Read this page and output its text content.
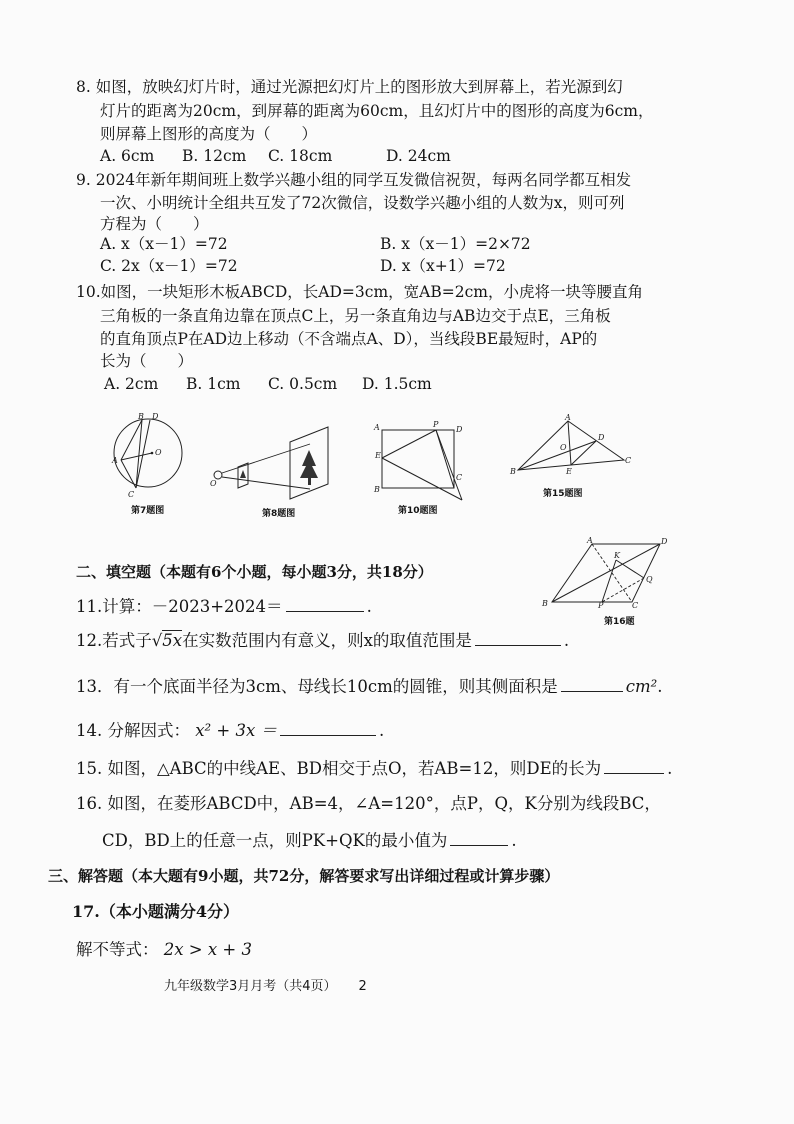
8. 如图，放映幻灯片时，通过光源把幻灯片上的图形放大到屏幕上，若光源到幻
灯片的距离为20cm，到屏幕的距离为60cm，且幻灯片中的图形的高度为6cm，
则屏幕上图形的高度为（　　）
A. 6cm B. 12cm C. 18cm	D. 24cm
9. 2024年新年期间班上数学兴趣小组的同学互发微信祝贺，每两名同学都互相发
一次、小明统计全组共互发了72次微信，设数学兴趣小组的人数为x，则可列
方程为（　　）
A. x（x－1）=72	B. x（x－1）=2×72
C. 2x（x－1）=72	D. x（x+1）=72
10.如图，一块矩形木板ABCD，长AD=3cm，宽AB=2cm，小虎将一块等腰直角
三角板的一条直角边靠在顶点C上，另一条直角边与AB边交于点E，三角板
的直角顶点P在AD边上移动（不含端点A、D），当线段BE最短时，AP的
长为（　　）
A. 2cm B. 1cm C. 0.5cm D. 1.5cm
B D
A
O
C
第7题图
O
第8题图
A	P
D
E
B
C
第10题图
A
D
O
E
B
C
第15题图
A	D
K
Q
B	P	C
第16题
二、填空题（本题有6个小题，每小题3分，共18分）
11.计算：－2023+2024＝	.
12.若式子√5x在实数范围内有意义，则x的取值范围是	.
13．有一个底面半径为3cm、母线长10cm的圆锥，则其侧面积是	cm².
14. 分解因式： x² + 3x ＝	.
15. 如图，△ABC的中线AE、BD相交于点O，若AB=12，则DE的长为	.
16. 如图，在菱形ABCD中，AB=4，∠A=120°，点P，Q，K分别为线段BC，
CD，BD上的任意一点，则PK+QK的最小值为	.
三、解答题（本大题有9小题，共72分，解答要求写出详细过程或计算步骤）
17.（本小题满分4分）
解不等式： 2x > x + 3
九年级数学3月月考（共4页） 2
